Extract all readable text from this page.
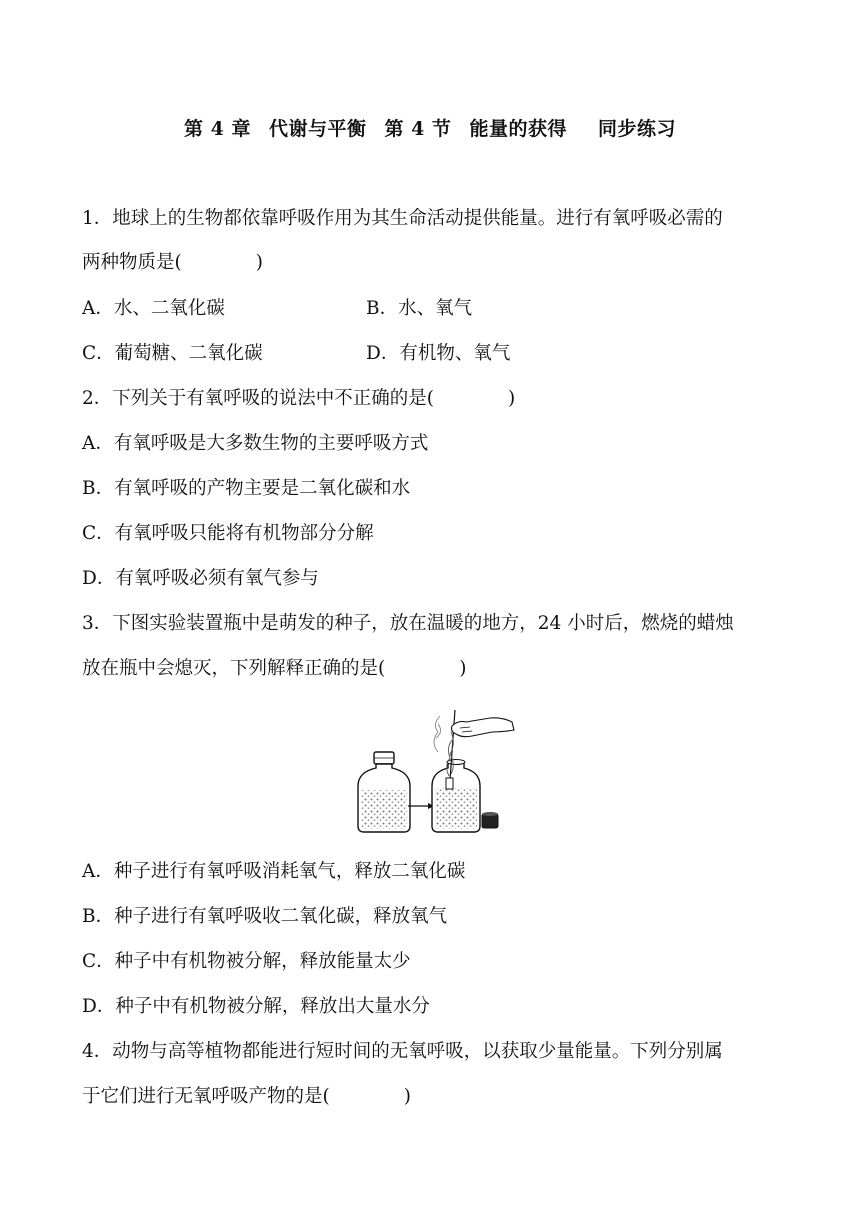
第 4 章 代谢与平衡 第 4 节 能量的获得 同步练习
1．地球上的生物都依靠呼吸作用为其生命活动提供能量。进行有氧呼吸必需的
两种物质是(　　　　)
A．水、二氧化碳	B．水、氧气
C．葡萄糖、二氧化碳	D．有机物、氧气
2．下列关于有氧呼吸的说法中不正确的是(　　　　)
A．有氧呼吸是大多数生物的主要呼吸方式
B．有氧呼吸的产物主要是二氧化碳和水
C．有氧呼吸只能将有机物部分分解
D．有氧呼吸必须有氧气参与
3．下图实验装置瓶中是萌发的种子，放在温暖的地方，24 小时后，燃烧的蜡烛
放在瓶中会熄灭，下列解释正确的是(　　　　)
A．种子进行有氧呼吸消耗氧气，释放二氧化碳
B．种子进行有氧呼吸收二氧化碳，释放氧气
C．种子中有机物被分解，释放能量太少
D．种子中有机物被分解，释放出大量水分
4．动物与高等植物都能进行短时间的无氧呼吸，以获取少量能量。下列分别属
于它们进行无氧呼吸产物的是(　　　　)
